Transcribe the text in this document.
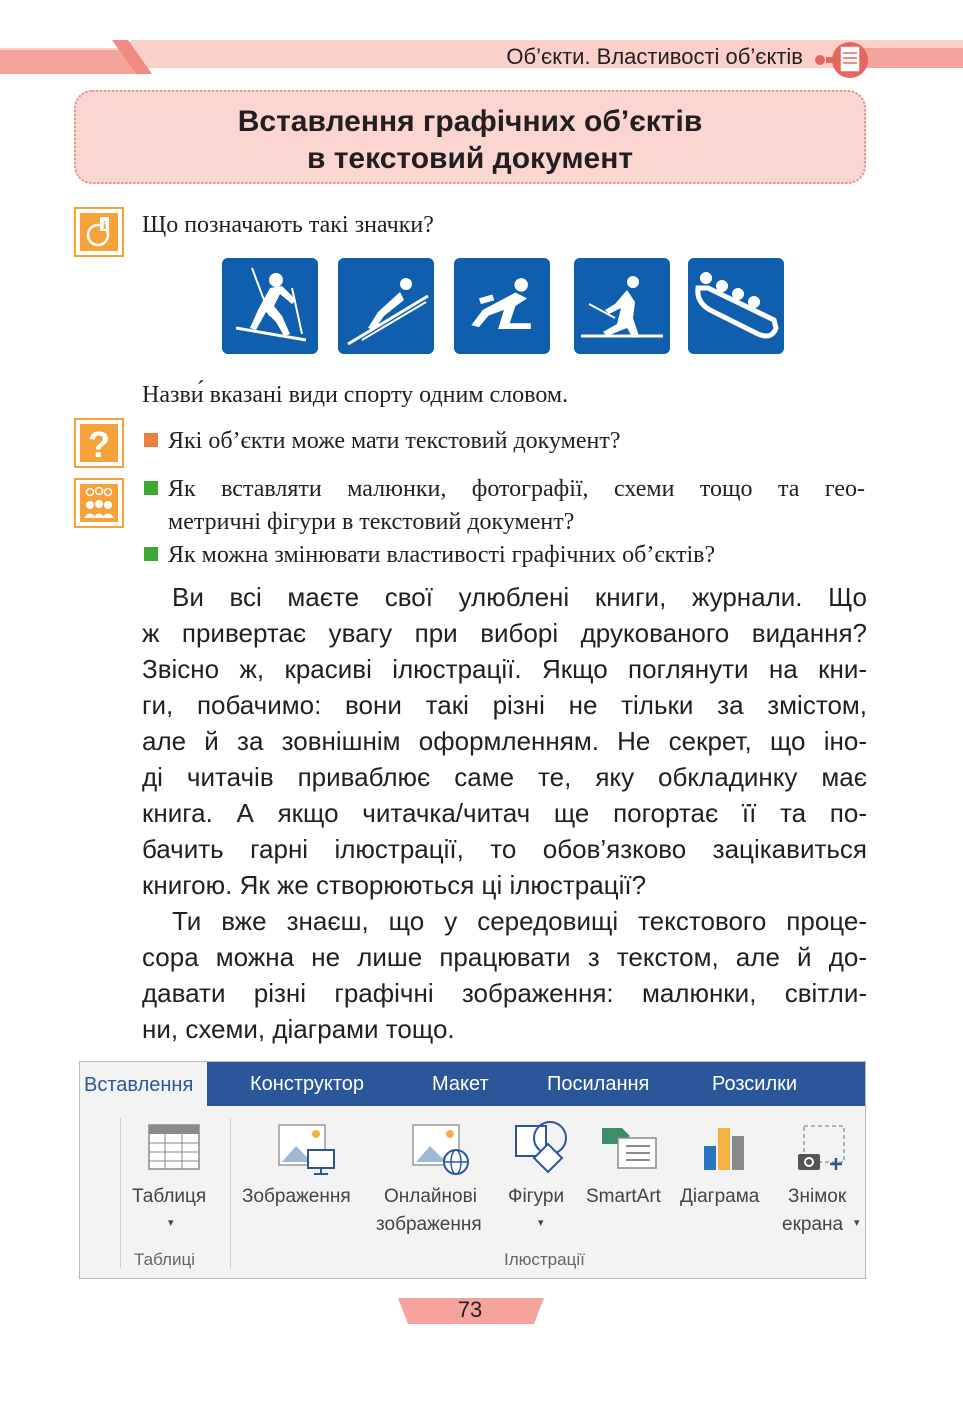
Об’єкти. Властивості об’єктів
Вставлення графічних об’єктів
в текстовий документ
i Що позначають такі значки?
Назви́ вказані види спорту одним словом.
?	Які об’єкти може мати текстовий документ?
Як вставляти малюнки, фотографії, схеми тощо та гео-
метричні фігури в текстовий документ?
Як можна змінювати властивості графічних об’єктів?
Ви всі маєте свої улюблені книги, журнали. Що
ж привертає увагу при виборі друкованого видання?
Звісно ж, красиві ілюстрації. Якщо поглянути на кни-
ги, побачимо: вони такі різні не тільки за змістом,
але й за зовнішнім оформленням. Не секрет, що іно-
ді читачів приваблює саме те, яку обкладинку має
книга. А якщо читачка/читач ще погортає її та по-
бачить гарні ілюстрації, то обов’язково зацікавиться
книгою. Як же створюються ці ілюстрації?
Ти вже знаєш, що у середовищі текстового проце-
сора можна не лише працювати з текстом, але й до-
давати різні графічні зображення: малюнки, світли-
ни, схеми, діаграми тощо.
Вставлення	Конструктор	Макет	Посилання	Розсилки
Таблиця
▾
Зображення Онлайнові
зображення
Фігури
▾
SmartArt Діаграма Знімок
екрана ▾
Таблиці	Ілюстрації
73
